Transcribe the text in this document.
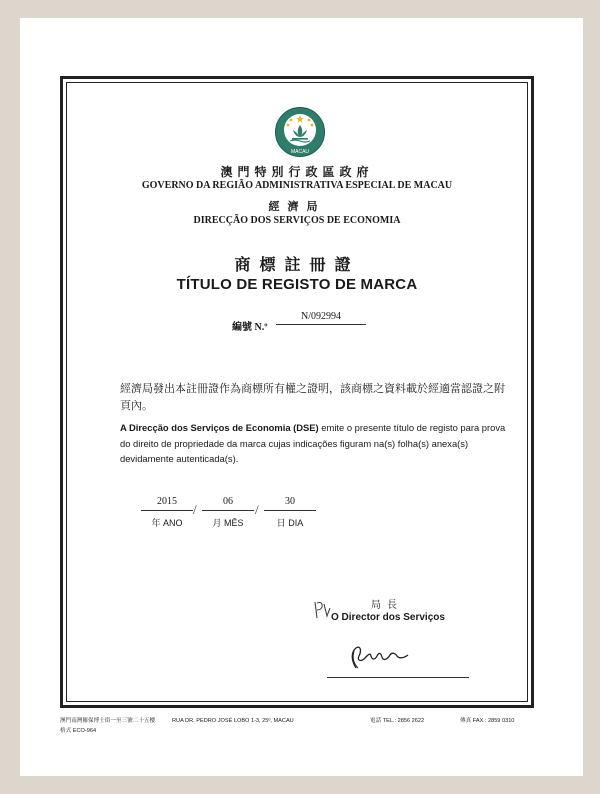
MACAU
澳門特別行政區政府
GOVERNO DA REGIÃO ADMINISTRATIVA ESPECIAL DE MACAU
經濟局
DIRECÇÃO DOS SERVIÇOS DE ECONOMIA
商標註冊證
TÍTULO DE REGISTO DE MARCA
編號 N.º
N/092994
經濟局發出本註冊證作為商標所有權之證明，該商標之資料載於經適當認證之附頁內。
A Direcção dos Serviços de Economia (DSE) emite o presente título de registo para prova do direito de propriedade da marca cujas indicações figuram na(s) folha(s) anexa(s) devidamente autenticada(s).
2015
/
06
/
30
年 ANO	月 MÊS	日 DIA
局長
O Director dos Serviços
澳門南灣羅保博士街一至三號二十五樓
格式 ECO-964
RUA DR. PEDRO JOSÉ LOBO 1-3, 25º, MACAU	電話 TEL.: 2856 2622	傳真 FAX : 2859 0310
